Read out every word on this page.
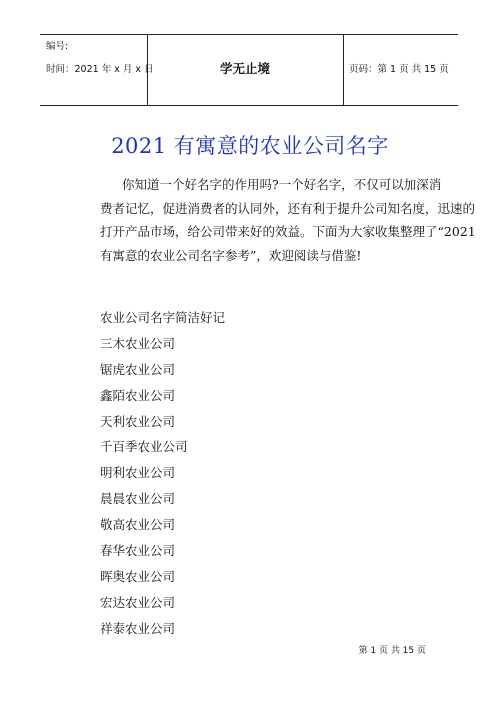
编号:
时间：2021 年 x 月 x 日	学无止境	页码：第 1 页 共 15 页
2021 有寓意的农业公司名字
你知道一个好名字的作用吗?一个好名字，不仅可以加深消
费者记忆，促进消费者的认同外，还有利于提升公司知名度，迅速的
打开产品市场，给公司带来好的效益。下面为大家收集整理了“2021
有寓意的农业公司名字参考”，欢迎阅读与借鉴!
农业公司名字简洁好记
三木农业公司
锯虎农业公司
鑫陌农业公司
天利农业公司
千百季农业公司
明利农业公司
晨晨农业公司
敬高农业公司
春华农业公司
晖奥农业公司
宏达农业公司
祥泰农业公司
第 1 页 共 15 页
